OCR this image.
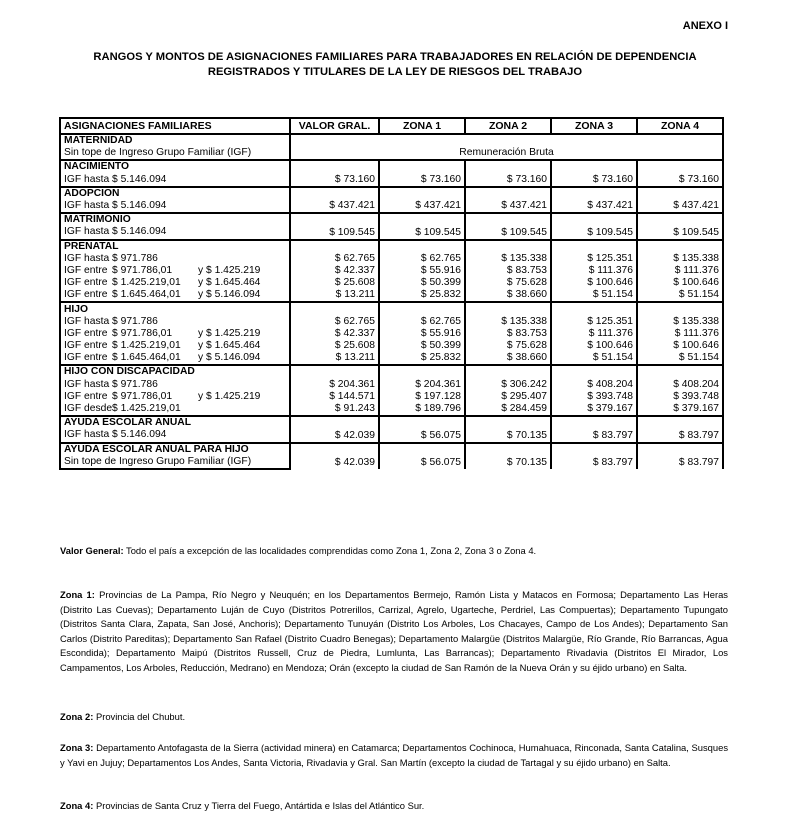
ANEXO I
RANGOS Y MONTOS DE ASIGNACIONES FAMILIARES PARA TRABAJADORES EN RELACIÓN DE DEPENDENCIA
REGISTRADOS Y TITULARES DE LA LEY DE RIESGOS DEL TRABAJO
ASIGNACIONES FAMILIARES	VALOR GRAL.	ZONA 1	ZONA 2	ZONA 3	ZONA 4
MATERNIDAD					
Sin tope de Ingreso Grupo Familiar (IGF)	Remuneración Bruta				
NACIMIENTO	$ 73.160	$ 73.160	$ 73.160	$ 73.160	$ 73.160

IGF hasta $ 5.146.094					

ADOPCION	$ 437.421	$ 437.421	$ 437.421	$ 437.421	$ 437.421

IGF hasta $ 5.146.094					

MATRIMONIO	$ 109.545	$ 109.545	$ 109.545	$ 109.545	$ 109.545

IGF hasta $ 5.146.094					

PRENATAL					

IGF hasta $ 971.786	$ 62.765	$ 62.765	$ 135.338	$ 125.351	$ 135.338

IGF entre $ 971.786,01 y $ 1.425.219	$ 42.337	$ 55.916	$ 83.753	$ 111.376	$ 111.376

IGF entre $ 1.425.219,01 y $ 1.645.464	$ 25.608	$ 50.399	$ 75.628	$ 100.646	$ 100.646

IGF entre $ 1.645.464,01 y $ 5.146.094	$ 13.211	$ 25.832	$ 38.660	$ 51.154	$ 51.154
HIJO					

IGF hasta $ 971.786	$ 62.765	$ 62.765	$ 135.338	$ 125.351	$ 135.338

IGF entre $ 971.786,01 y $ 1.425.219	$ 42.337	$ 55.916	$ 83.753	$ 111.376	$ 111.376

IGF entre $ 1.425.219,01 y $ 1.645.464	$ 25.608	$ 50.399	$ 75.628	$ 100.646	$ 100.646

IGF entre $ 1.645.464,01 y $ 5.146.094	$ 13.211	$ 25.832	$ 38.660	$ 51.154	$ 51.154
HIJO CON DISCAPACIDAD					

IGF hasta $ 971.786	$ 204.361	$ 204.361	$ 306.242	$ 408.204	$ 408.204

IGF entre $ 971.786,01 y $ 1.425.219	$ 144.571	$ 197.128	$ 295.407	$ 393.748	$ 393.748

IGF desde $ 1.425.219,01	$ 91.243	$ 189.796	$ 284.459	$ 379.167	$ 379.167
AYUDA ESCOLAR ANUAL	$ 42.039	$ 56.075	$ 70.135	$ 83.797	$ 83.797

IGF hasta $ 5.146.094					

AYUDA ESCOLAR ANUAL PARA HIJO	$ 42.039	$ 56.075	$ 70.135	$ 83.797	$ 83.797
Sin tope de Ingreso Grupo Familiar (IGF)					
Valor General: Todo el país a excepción de las localidades comprendidas como Zona 1, Zona 2, Zona 3 o Zona 4.
Zona 1: Provincias de La Pampa, Río Negro y Neuquén; en los Departamentos Bermejo, Ramón Lista y Matacos en Formosa; Departamento Las Heras (Distrito Las Cuevas); Departamento Luján de Cuyo (Distritos Potrerillos, Carrizal, Agrelo, Ugarteche, Perdriel, Las Compuertas); Departamento Tupungato (Distritos Santa Clara, Zapata, San José, Anchoris); Departamento Tunuyán (Distrito Los Arboles, Los Chacayes, Campo de Los Andes); Departamento San Carlos (Distrito Pareditas); Departamento San Rafael (Distrito Cuadro Benegas); Departamento Malargüe (Distritos Malargüe, Río Grande, Río Barrancas, Agua Escondida); Departamento Maipú (Distritos Russell, Cruz de Piedra, Lumlunta, Las Barrancas); Departamento Rivadavia (Distritos El Mirador, Los Campamentos, Los Arboles, Reducción, Medrano) en Mendoza; Orán (excepto la ciudad de San Ramón de la Nueva Orán y su éjido urbano) en Salta.
Zona 2: Provincia del Chubut.
Zona 3: Departamento Antofagasta de la Sierra (actividad minera) en Catamarca; Departamentos Cochinoca, Humahuaca, Rinconada, Santa Catalina, Susques y Yavi en Jujuy; Departamentos Los Andes, Santa Victoria, Rivadavia y Gral. San Martín (excepto la ciudad de Tartagal y su éjido urbano) en Salta.
Zona 4: Provincias de Santa Cruz y Tierra del Fuego, Antártida e Islas del Atlántico Sur.
